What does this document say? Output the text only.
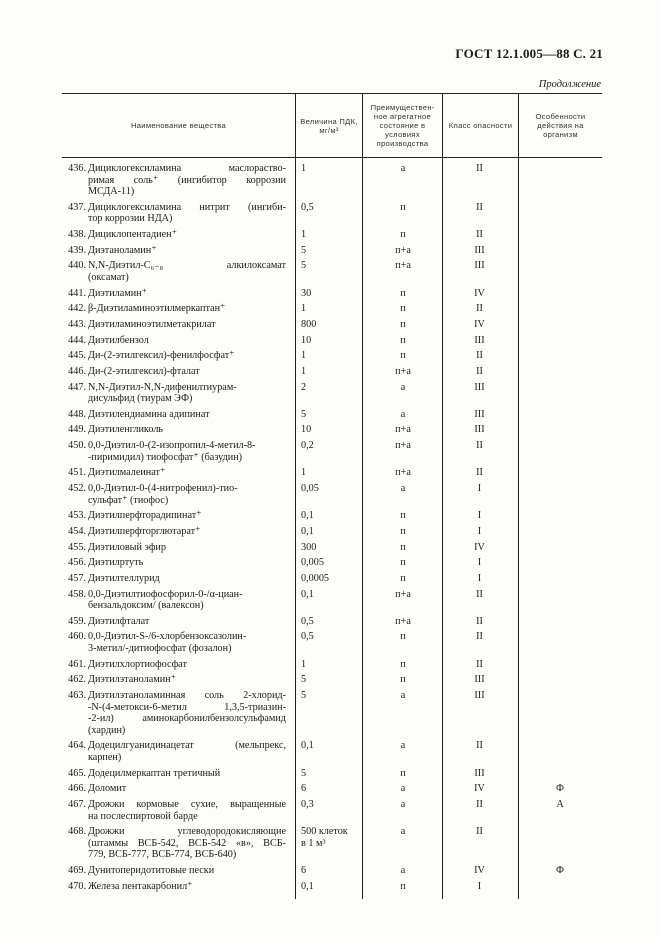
ГОСТ 12.1.005—88 С. 21
Продолжение
Наименование вещества	Величина ПДК, мг/м³
Преимущественное агрегатное состояние в условиях производства
Класс опасности
Особенности действия на организм
436. Дициклогексиламина маслораство-
римая соль⁺ (ингибитор коррозии
МСДА-11)
1	а	II
437. Дициклогексиламина нитрит (ингиби-
тор коррозии НДА)
0,5	п	II
438. Дициклопентадиен⁺	1	п	II
439. Диэтаноламин⁺	5	п+а	III
440. N,N-Диэтил-C₆₋₈ алкилоксамат
(оксамат)
5	п+а	III
441. Диэтиламин⁺	30	п	IV
442. β-Диэтиламиноэтилмеркаптан⁺	1	п	II
443. Диэтиламиноэтилметакрилат	800	п	IV
444. Диэтилбензол	10	п	III
445. Ди-(2-этилгексил)-фенилфосфат⁺	1	п	II
446. Ди-(2-этилгексил)-фталат	1	п+а	II
447. N,N-Диэтил-N,N-дифенилтиурам-
дисульфид (тиурам ЭФ)
2	а	III
448. Диэтилендиамина адипинат	5	а	III
449. Диэтиленгликоль	10	п+а	III
450. 0,0-Диэтил-0-(2-изопропил-4-метил-8-
-пиримидил) тиофосфат⁺ (базудин)
0,2	п+а	II
451. Диэтилмалеинат⁺	1	п+а	II
452. 0,0-Диэтил-0-(4-нитрофенил)-тио-
сульфат⁺ (тиофос)
0,05	а	I
453. Диэтилперфторадипинат⁺	0,1	п	I
454. Диэтилперфторглютарат⁺	0,1	п	I
455. Диэтиловый эфир	300	п	IV
456. Диэтилртуть	0,005	п	I
457. Диэтилтеллурид	0,0005	п	I
458. 0,0-Диэтилтиофосфорил-0-/α-циан-
бензальдоксим/ (валексон)
0,1	п+а	II
459. Диэтилфталат	0,5	п+а	II
460. 0,0-Диэтил-S-/6-хлорбензоксазолин-
3-метил/-дитиофосфат (фозалон)
0,5	п	II
461. Диэтилхлортиофосфат	1	п	II
462. Диэтилэтаноламин⁺	5	п	III
463. Диэтилэтаноламинная соль 2-хлорид-
-N-(4-метокси-6-метил 1,3,5-триазин-
-2-ил) аминокарбонилбензолсульфамид
(хардин)
5	а	III
464. Додецилгуанидинацетат (мельпрекс,
карпен)
0,1	а	II
465. Додецилмеркаптан третичный	5	п	III
466. Доломит	6	а	IV	Ф
467. Дрожжи кормовые сухие, выращенные
на послеспиртовой барде
0,3	а	II	А
468. Дрожжи углеводородокисляющие
(штаммы ВСБ-542, ВСБ-542 «в», ВСБ-
779, ВСБ-777, ВСБ-774, ВСБ-640)
500 клеток
в 1 м³
а	II
469. Дунитоперидотитовые пески	6	а	IV	Ф
470. Железа пентакарбонил⁺	0,1	п	I
